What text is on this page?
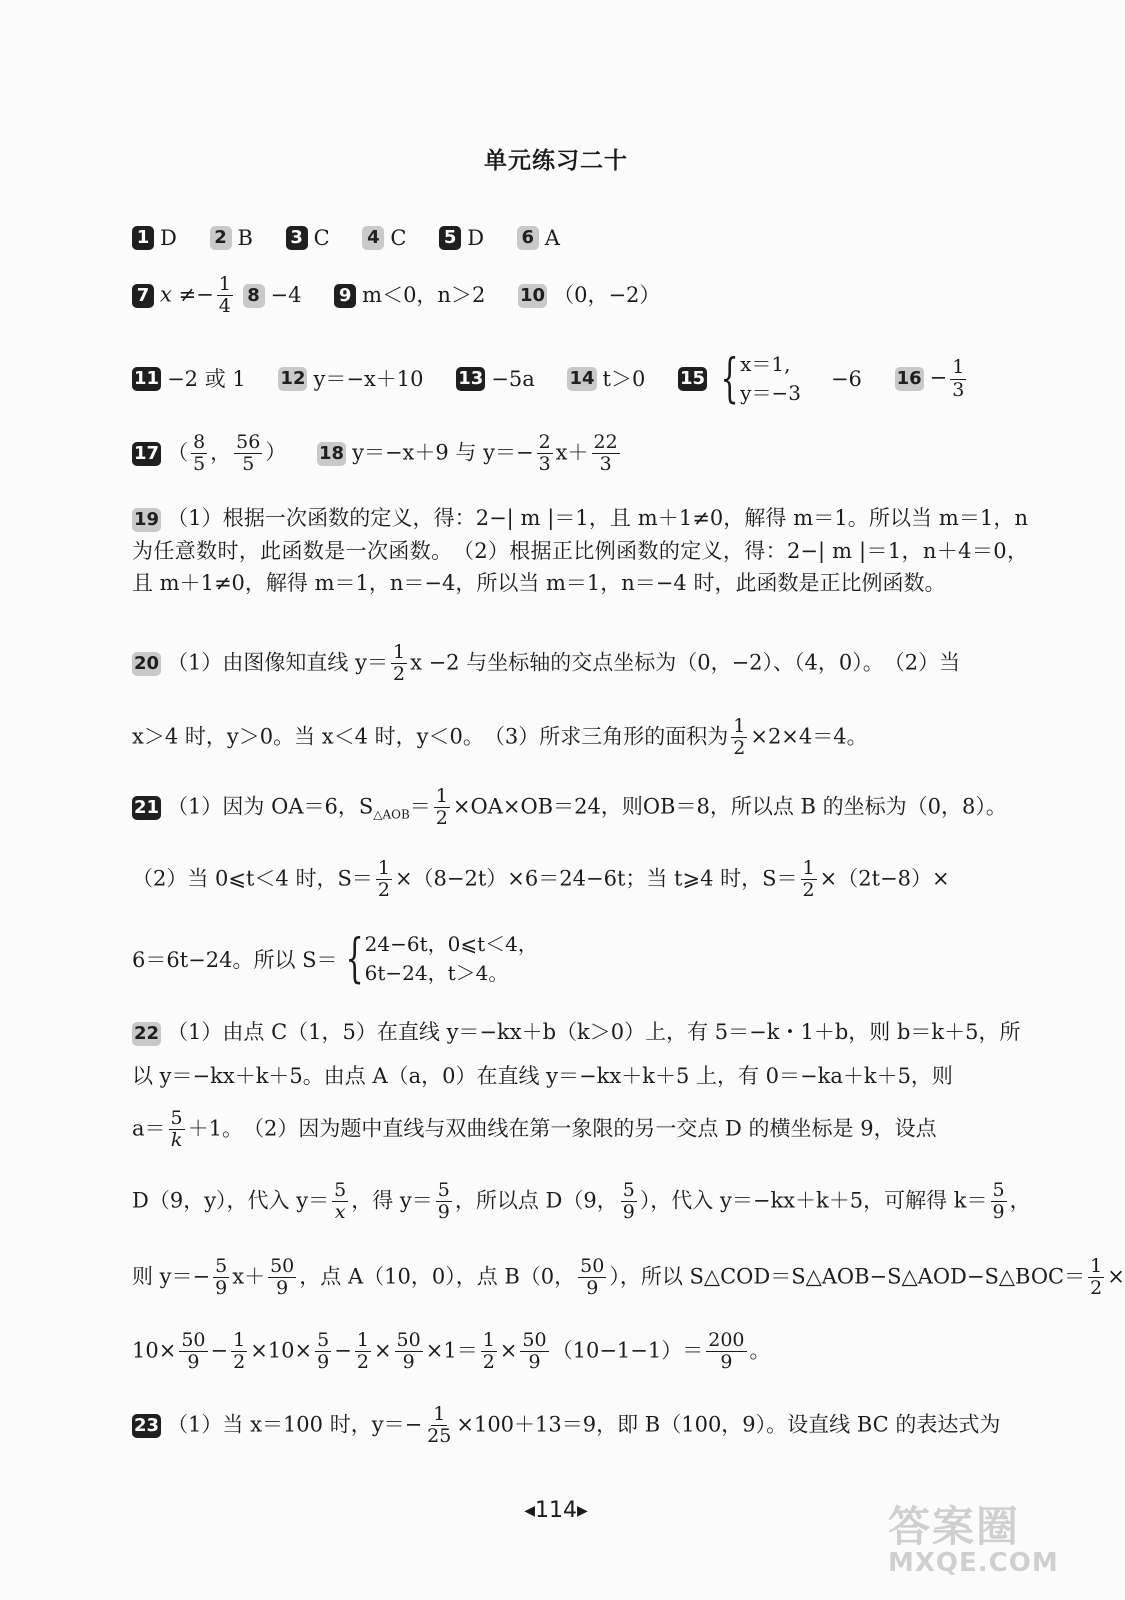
单元练习二十
1 D 2 B 3 C 4 C 5 D 6 A
7 $x \ne- \frac{1}{4} 8 -4$ 9 m＜0，n＞2 10 （0，−2）
11 −2 或 1 12 y＝−x＋10 13 −5a 14 t＞0 15 { x＝1,
y＝−3
−6 $16 - \frac{1}{3}$
17 （ $\frac{8}{5}$ ， $\frac{56}{5}$ ） 18 y＝−x＋9 与 $y=- \frac{2}{3} x+ \frac{22}{3}$
19 （1）根据一次函数的定义，得：2−| m |＝1，且 m＋1≠0，解得 m＝1。所以当 m＝1，n 为任意数时，此函数是一次函数。　（2）根据正比例函数的定义，得：2−| m |＝1，n＋4＝0，且 m＋1≠0，解得 m＝1，n＝−4，所以当 m＝1，n＝−4 时，此函数是正比例函数。
20 （1）由图像知直线 $y= \frac{1}{2}$ x −2 与坐标轴的交点坐标为（0，−2）、（4，0）。　（2）当
x＞4 时，y＞0。当 x＜4 时，y＜0。　（3）所求三角形的面积为 $\frac{1}{2} \times 2\times 4=4$。
21 （1）因为 OA＝6，$S_{\triangle AOB}= \frac{1}{2} \times OA\times OB=24$，则OB＝8，所以点 B 的坐标为（0，8）。
（2）当 0⩽t＜4 时，$S= \frac{1}{2} \times(8-2t)\times 6=24-6t$；当 t⩾4 时，$S= \frac{1}{2} \times(2t-8)\times$
6＝6t−24。所以 S＝ { 24−6t，0⩽t＜4，
6t−24，t＞4。
22 （1）由点 C（1，5）在直线 y＝−kx＋b（k＞0）上，有 5＝−k・1＋b，则 b＝k＋5，所
以 y＝−kx＋k＋5。由点 A（a，0）在直线 y＝−kx＋k＋5 上，有 0＝−ka＋k＋5，则
$a= \frac{5}{k} +1$。　（2）因为题中直线与双曲线在第一象限的另一交点 D 的横坐标是 9，设点
D（9，y），代入 $y= \frac{5}{x}$ ，得 $y= \frac{5}{9}$ ，所以点 D（9， $\frac{5}{9}$ ），代入 y＝−kx＋k＋5，可解得 $k= \frac{5}{9}$ ，
则 $y=- \frac{5}{9} x+ \frac{50}{9}$ ，点 A（10，0），点 B（0， $\frac{50}{9}$ ），所以 S△COD＝S△AOB−S△AOD−S△BOC＝ $\frac{1}{2}$ ×
$10\times \frac{50}{9} - \frac{1}{2} \times 10\times \frac{5}{9} - \frac{1}{2} \times \frac{50}{9} \times 1= \frac{1}{2} \times \frac{50}{9} (10-1-1)= \frac{200}{9}$ 。
23 （1）当 x＝100 时，$y=- \frac{1}{25} \times 100+13=9$，即 B（100，9）。设直线 BC 的表达式为
◀114▶	答案圈
MXQE.COM
